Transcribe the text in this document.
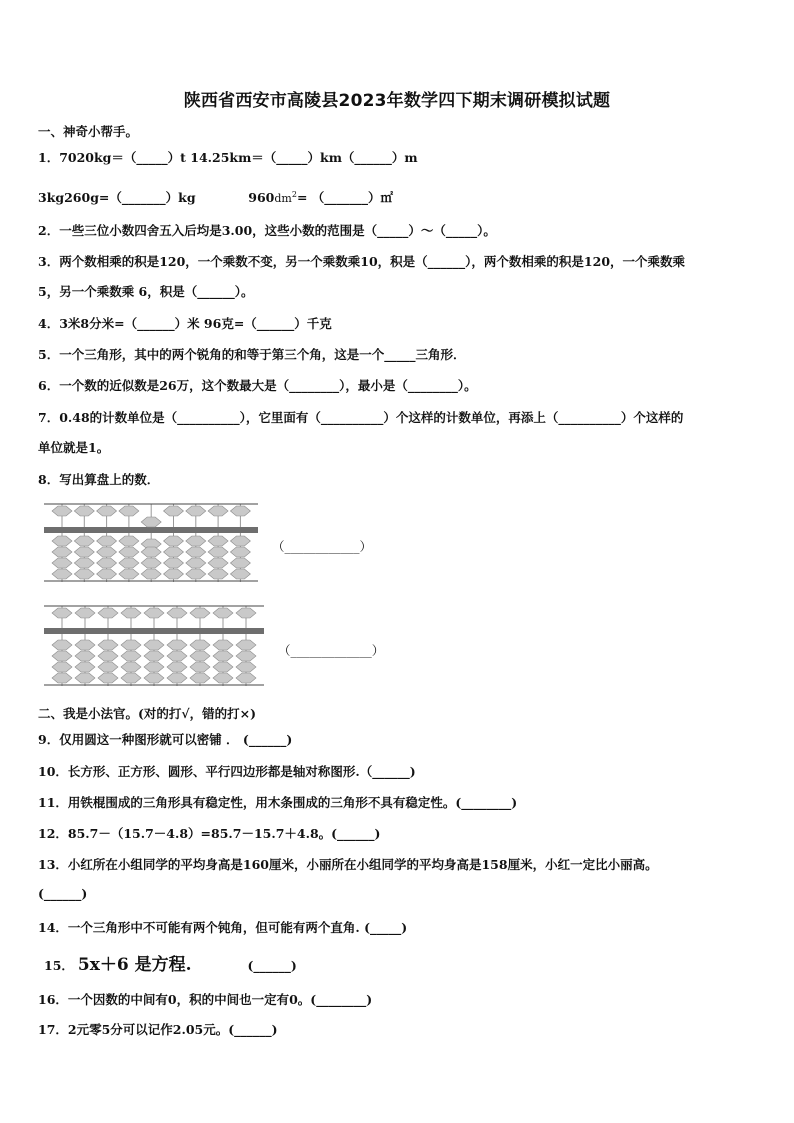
陕西省西安市高陵县2023年数学四下期末调研模拟试题
一、神奇小帮手。
1．7020kg＝（_____）t 14.25km＝（_____）km（______）m
3kg260g=（_______）kg	$960dm^2=$ （_______）㎡
2．一些三位小数四舍五入后均是3.00，这些小数的范围是（_____）～（_____）。
3．两个数相乘的积是120，一个乘数不变，另一个乘数乘10，积是（______），两个数相乘的积是120，一个乘数乘
5，另一个乘数乘 6，积是（______）。
4．3米8分米=（______）米 96克=（______）千克
5．一个三角形，其中的两个锐角的和等于第三个角，这是一个_____三角形．
6．一个数的近似数是26万，这个数最大是（________），最小是（________）。
7．0.48的计数单位是（__________），它里面有（__________）个这样的计数单位，再添上（__________）个这样的
单位就是1。
8．写出算盘上的数．
（____________）
（_____________）
二、我是小法官。(对的打√，错的打×)
9．仅用圆这一种图形就可以密铺 ． (______)
10．长方形、正方形、圆形、平行四边形都是轴对称图形.（______)
11．用铁棍围成的三角形具有稳定性，用木条围成的三角形不具有稳定性。(________)
12．85.7－（15.7－4.8）=85.7－15.7＋4.8。(______)
13．小红所在小组同学的平均身高是160厘米，小丽所在小组同学的平均身高是158厘米，小红一定比小丽高。
(______)
14．一个三角形中不可能有两个钝角，但可能有两个直角. (_____)
15． 5x＋6 是方程.	(______)
16．一个因数的中间有0，积的中间也一定有0。(________)
17．2元零5分可以记作2.05元。(______)
